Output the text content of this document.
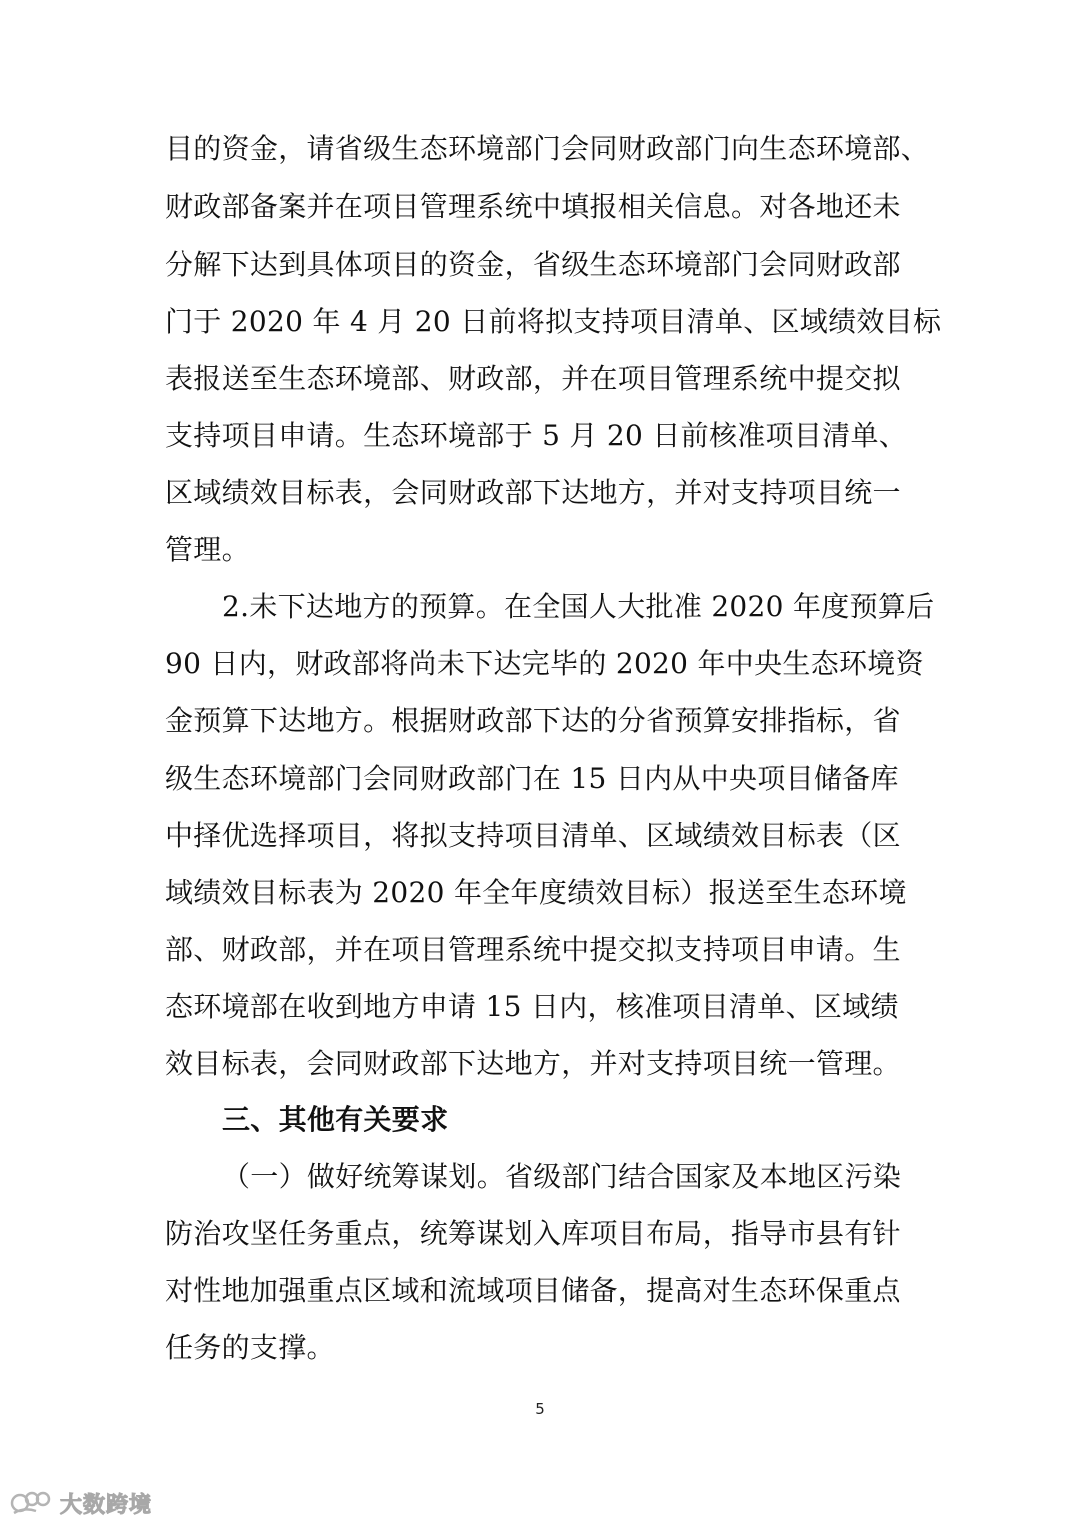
目的资金，请省级生态环境部门会同财政部门向生态环境部、
财政部备案并在项目管理系统中填报相关信息。对各地还未
分解下达到具体项目的资金，省级生态环境部门会同财政部
门于 2020 年 4 月 20 日前将拟支持项目清单、区域绩效目标
表报送至生态环境部、财政部，并在项目管理系统中提交拟
支持项目申请。生态环境部于 5 月 20 日前核准项目清单、
区域绩效目标表，会同财政部下达地方，并对支持项目统一
管理。
2.未下达地方的预算。在全国人大批准 2020 年度预算后
90 日内，财政部将尚未下达完毕的 2020 年中央生态环境资
金预算下达地方。根据财政部下达的分省预算安排指标，省
级生态环境部门会同财政部门在 15 日内从中央项目储备库
中择优选择项目，将拟支持项目清单、区域绩效目标表（区
域绩效目标表为 2020 年全年度绩效目标）报送至生态环境
部、财政部，并在项目管理系统中提交拟支持项目申请。生
态环境部在收到地方申请 15 日内，核准项目清单、区域绩
效目标表，会同财政部下达地方，并对支持项目统一管理。
三、其他有关要求
（一）做好统筹谋划。省级部门结合国家及本地区污染
防治攻坚任务重点，统筹谋划入库项目布局，指导市县有针
对性地加强重点区域和流域项目储备，提高对生态环保重点
任务的支撑。
5
大数跨境
